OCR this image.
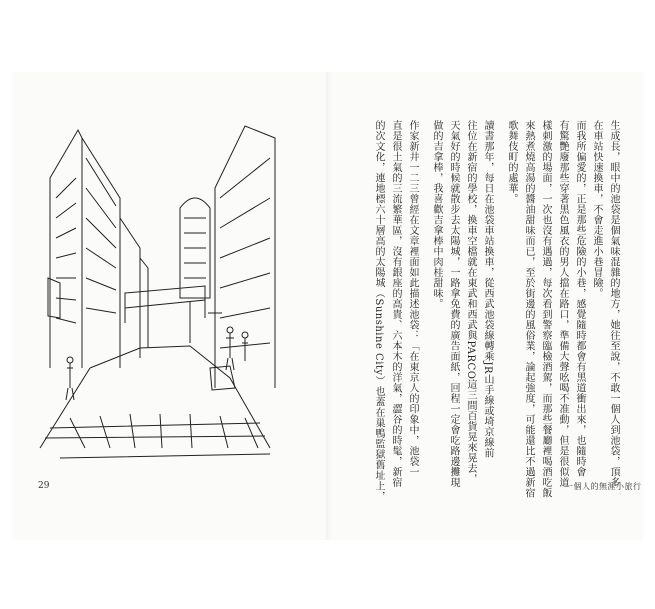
生成長，眼中的池袋是個氣味混雜的地方，她往至說，不敢一個人到池袋，頂多
在車站快速換車，不會走進小巷冒險。
而我所偏愛的，正是那些危險的小巷，感覺隨時都會有黑道衝出來，也隨時會
有驚艷廢那些穿著黑色風衣的男人擋在路口，準備大聲吆喝不准動，但是很似道
樣刺激的場面，一次也沒有遇過，每次看到警察臨檢酒駕，而那些餐廳裡喝酒吃飯
來熱煮燒高湯的醬油甜味而已，至於街邊的風俗業，論起強度，可能還比不過新宿
歌舞伎町的處華。
讀書那年，每日在池袋車站換車，從西武池袋線轉乘JR山手線或埼京線前
往位在新宿的學校，換車空檔就在東武和西武與PARCO這三間百貨晃來晃去，
天氣好的時候就散步去太陽城，一路拿免費的廣告面紙，回程一定會吃路邊攤現
做的吉拿棒，我喜歡吉拿棒中肉桂甜味。
作家新井一二三曾經在文章裡面如此描述池袋：「在東京人的印象中，池袋一
直是很土氣的三流繁華區，沒有銀座的高貴、六本木的洋氣，澀谷的時髦，新宿
的次文化，連地標六十層高的太陽城（Sunshine City）也蓋在巢鴨監獄舊址上，
29	一個人的無涯小旅行
